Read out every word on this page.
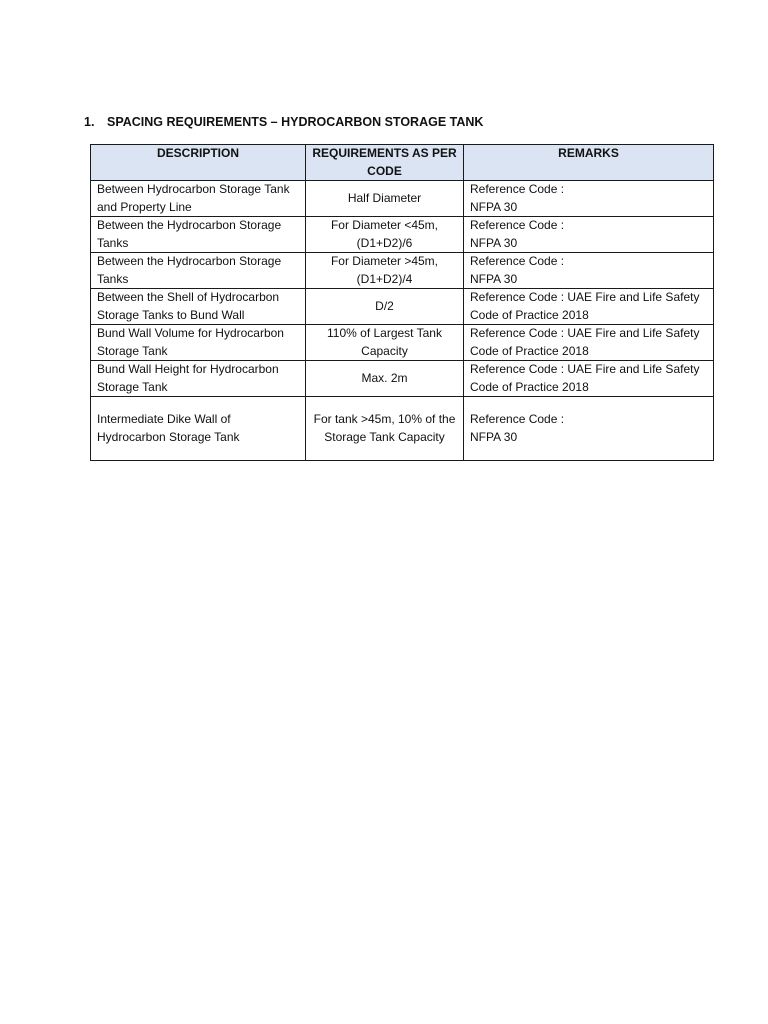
1. SPACING REQUIREMENTS – HYDROCARBON STORAGE TANK
DESCRIPTION	REQUIREMENTS AS PER CODE	REMARKS
Between Hydrocarbon Storage Tank and Property Line	Half Diameter	Reference Code :
NFPA 30
Between the Hydrocarbon Storage Tanks	For Diameter <45m, (D1+D2)/6	Reference Code :
NFPA 30
Between the Hydrocarbon Storage Tanks	For Diameter >45m, (D1+D2)/4	Reference Code :
NFPA 30
Between the Shell of Hydrocarbon Storage Tanks to Bund Wall	D/2	Reference Code : UAE Fire and Life Safety Code of Practice 2018
Bund Wall Volume for Hydrocarbon Storage Tank	110% of Largest Tank Capacity	Reference Code : UAE Fire and Life Safety Code of Practice 2018
Bund Wall Height for Hydrocarbon Storage Tank	Max. 2m	Reference Code : UAE Fire and Life Safety Code of Practice 2018
Intermediate Dike Wall of Hydrocarbon Storage Tank	For tank >45m, 10% of the Storage Tank Capacity	Reference Code :
NFPA 30
